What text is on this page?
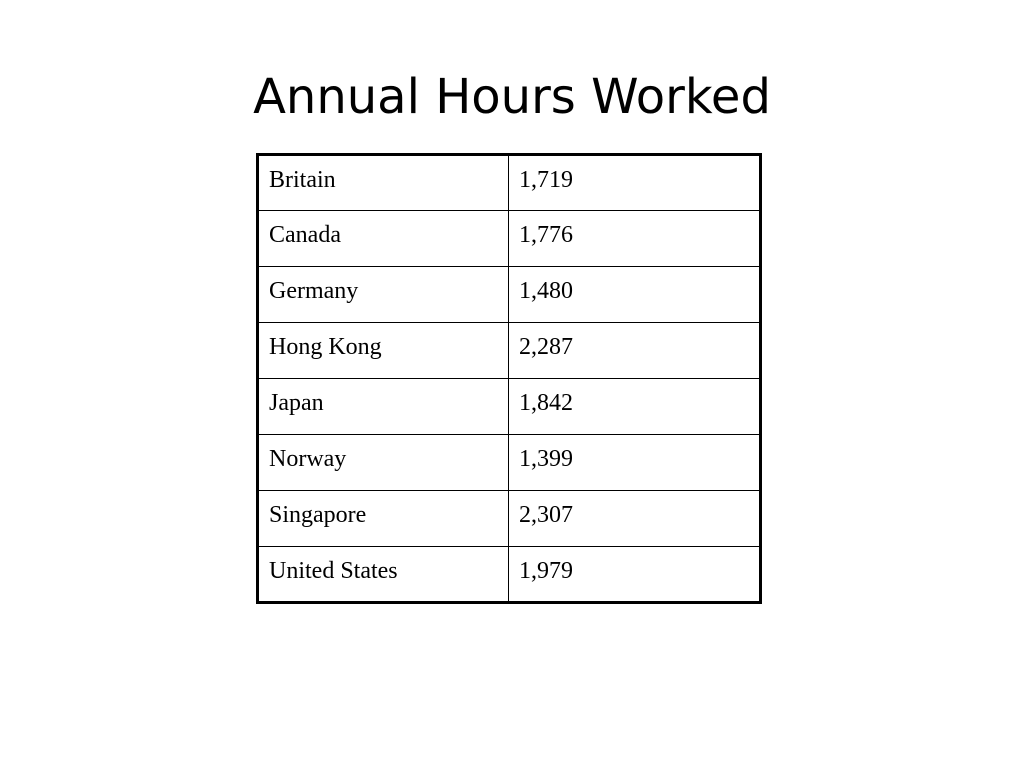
Annual Hours Worked
Britain	1,719
Canada	1,776
Germany	1,480
Hong Kong	2,287
Japan	1,842
Norway	1,399
Singapore	2,307
United States	1,979
